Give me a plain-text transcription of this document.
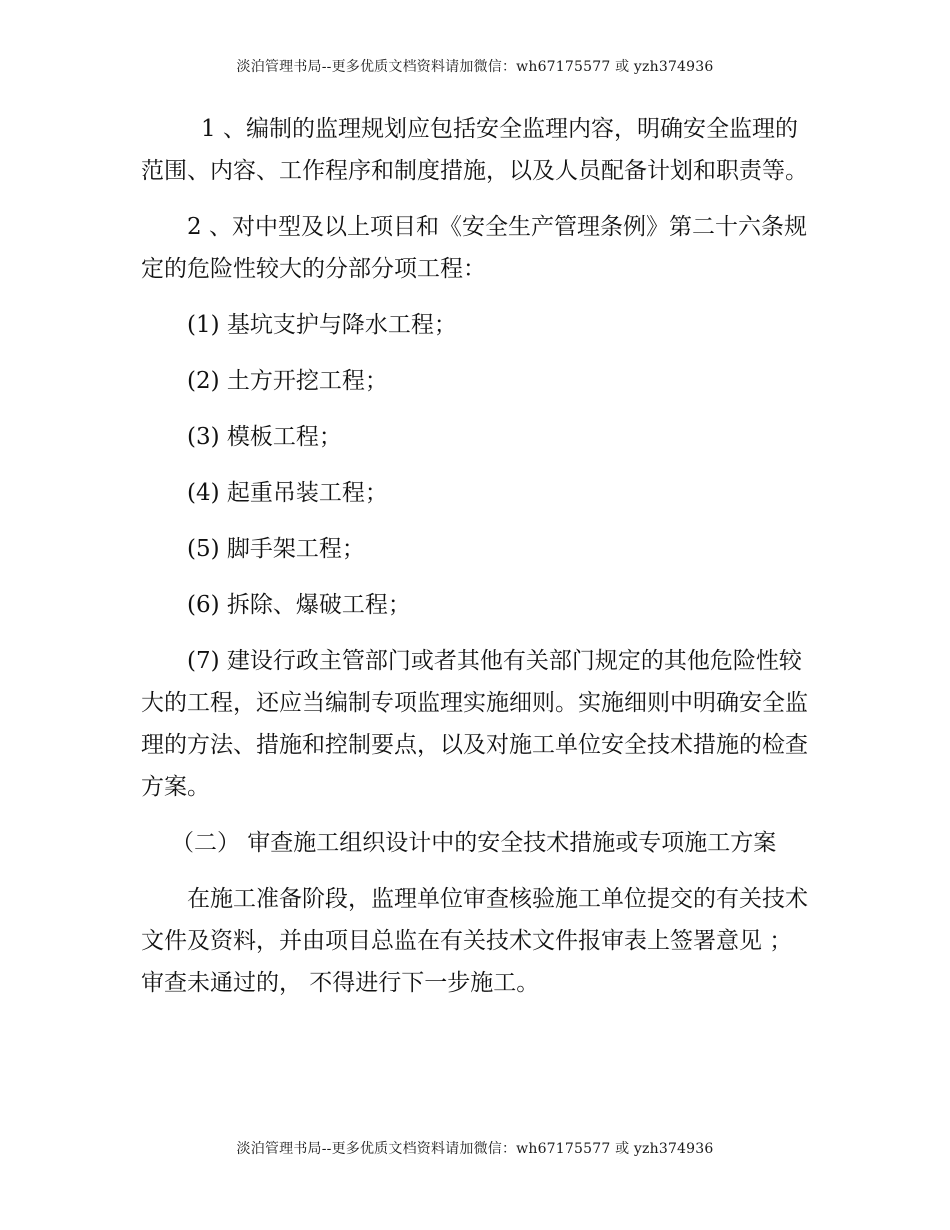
淡泊管理书局--更多优质文档资料请加微信：wh67175577 或 yzh374936

1 、编制的监理规划应包括安全监理内容，明确安全监理的范围、内容、工作程序和制度措施，以及人员配备计划和职责等。

2 、对中型及以上项目和《安全生产管理条例》第二十六条规定的危险性较大的分部分项工程：

(1) 基坑支护与降水工程；

(2) 土方开挖工程；

(3) 模板工程；

(4) 起重吊装工程；

(5) 脚手架工程；

(6) 拆除、爆破工程；

(7) 建设行政主管部门或者其他有关部门规定的其他危险性较大的工程，还应当编制专项监理实施细则。实施细则中明确安全监理的方法、措施和控制要点，以及对施工单位安全技术措施的检查方案。

（二） 审查施工组织设计中的安全技术措施或专项施工方案

在施工准备阶段，监理单位审查核验施工单位提交的有关技术文件及资料，并由项目总监在有关技术文件报审表上签署意见 ；审查未通过的， 不得进行下一步施工。

淡泊管理书局--更多优质文档资料请加微信：wh67175577 或 yzh374936
